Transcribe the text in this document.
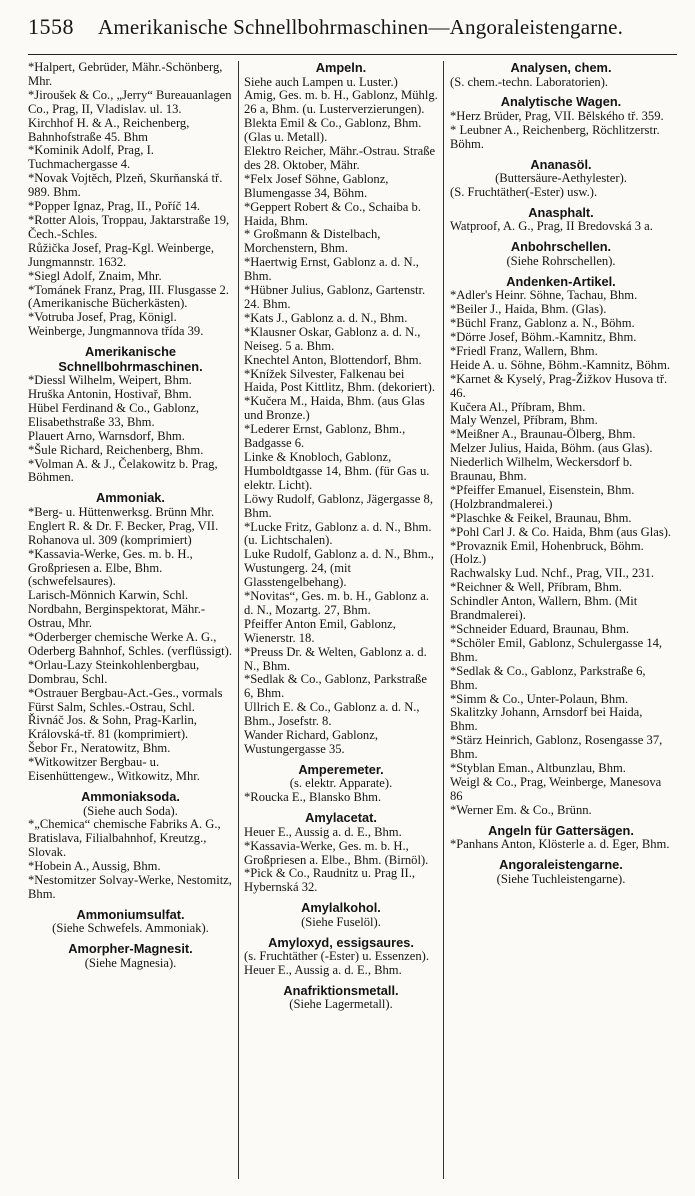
1558 Amerikanische Schnellbohrmaschinen—Angoraleistengarne.

*Halpert, Gebrüder, Mähr.-Schönberg, Mhr.

*Jiroušek & Co., „Jerry“ Bureauanlagen Co., Prag, II, Vladislav. ul. 13.

Kirchhof H. & A., Reichenberg, Bahnhofstraße 45. Bhm

*Kominik Adolf, Prag, I. Tuchmachergasse 4.

*Novak Vojtěch, Plzeň, Skurňanská tř. 989. Bhm.

*Popper Ignaz, Prag, II., Poříč 14.

*Rotter Alois, Troppau, Jaktarstraße 19, Čech.-Schles.

Růžička Josef, Prag-Kgl. Weinberge, Jungmannstr. 1632.

*Siegl Adolf, Znaim, Mhr.

*Tománek Franz, Prag, III. Flusgasse 2. (Amerikanische Bücherkästen).

*Votruba Josef, Prag, Königl. Weinberge, Jungmannova třída 39.

Amerikanische Schnellbohrmaschinen.

*Diessl Wilhelm, Weipert, Bhm.

Hruška Antonin, Hostivař, Bhm.

Hübel Ferdinand & Co., Gablonz, Elisabethstraße 33, Bhm.

Plauert Arno, Warnsdorf, Bhm.

*Šule Richard, Reichenberg, Bhm.

*Volman A. & J., Čelakowitz b. Prag, Böhmen.

Ammoniak.

*Berg- u. Hüttenwerksg. Brünn Mhr.

Englert R. & Dr. F. Becker, Prag, VII. Rohanova ul. 309 (komprimiert)

*Kassavia-Werke, Ges. m. b. H., Großpriesen a. Elbe, Bhm. (schwefelsaures).

Larisch-Mönnich Karwin, Schl.

Nordbahn, Berginspektorat, Mähr.-Ostrau, Mhr.

*Oderberger chemische Werke A. G., Oderberg Bahnhof, Schles. (verflüssigt).

*Orlau-Lazy Steinkohlenbergbau, Dombrau, Schl.

*Ostrauer Bergbau-Act.-Ges., vormals Fürst Salm, Schles.-Ostrau, Schl.

Řivnáč Jos. & Sohn, Prag-Karlin, Královská-tř. 81 (komprimiert).

Šebor Fr., Neratowitz, Bhm.

*Witkowitzer Bergbau- u. Eisenhüttengew., Witkowitz, Mhr.

Ammoniaksoda.

(Siehe auch Soda).

*„Chemica“ chemische Fabriks A. G., Bratislava, Filialbahnhof, Kreutzg., Slovak.

*Hobein A., Aussig, Bhm.

*Nestomitzer Solvay-Werke, Nestomitz, Bhm.

Ammoniumsulfat.

(Siehe Schwefels. Ammoniak).

Amorpher-Magnesit.

(Siehe Magnesia).

Ampeln.

Siehe auch Lampen u. Luster.)

Amig, Ges. m. b. H., Gablonz, Mühlg. 26 a, Bhm. (u. Lusterverzierungen).

Blekta Emil & Co., Gablonz, Bhm. (Glas u. Metall).

Elektro Reicher, Mähr.-Ostrau. Straße des 28. Oktober, Mähr.

*Felx Josef Söhne, Gablonz, Blumengasse 34, Böhm.

*Geppert Robert & Co., Schaiba b. Haida, Bhm.

* Großmann & Distelbach, Morchenstern, Bhm.

*Haertwig Ernst, Gablonz a. d. N., Bhm.

*Hübner Julius, Gablonz, Gartenstr. 24. Bhm.

*Kats J., Gablonz a. d. N., Bhm.

*Klausner Oskar, Gablonz a. d. N., Neiseg. 5 a. Bhm.

Knechtel Anton, Blottendorf, Bhm.

*Knížek Silvester, Falkenau bei Haida, Post Kittlitz, Bhm. (dekoriert).

*Kučera M., Haida, Bhm. (aus Glas und Bronze.)

*Lederer Ernst, Gablonz, Bhm., Badgasse 6.

Linke & Knobloch, Gablonz, Humboldtgasse 14, Bhm. (für Gas u. elektr. Licht).

Löwy Rudolf, Gablonz, Jägergasse 8, Bhm.

*Lucke Fritz, Gablonz a. d. N., Bhm. (u. Lichtschalen).

Luke Rudolf, Gablonz a. d. N., Bhm., Wustungerg. 24, (mit Glasstengelbehang).

*Novitas“, Ges. m. b. H., Gablonz a. d. N., Mozartg. 27, Bhm.

Pfeiffer Anton Emil, Gablonz, Wienerstr. 18.

*Preuss Dr. & Welten, Gablonz a. d. N., Bhm.

*Sedlak & Co., Gablonz, Parkstraße 6, Bhm.

Ullrich E. & Co., Gablonz a. d. N., Bhm., Josefstr. 8.

Wander Richard, Gablonz, Wustungergasse 35.

Amperemeter.

(s. elektr. Apparate).

*Roucka E., Blansko Bhm.

Amylacetat.

Heuer E., Aussig a. d. E., Bhm.

*Kassavia-Werke, Ges. m. b. H., Großpriesen a. Elbe., Bhm. (Birnöl).

*Pick & Co., Raudnitz u. Prag II., Hybernská 32.

Amylalkohol.

(Siehe Fuselöl).

Amyloxyd, essigsaures.

(s. Fruchtäther (-Ester) u. Essenzen).

Heuer E., Aussig a. d. E., Bhm.

Anafriktionsmetall.

(Siehe Lagermetall).

Analysen, chem.

(S. chem.-techn. Laboratorien).

Analytische Wagen.

*Herz Brüder, Prag, VII. Bělského tř. 359.

* Leubner A., Reichenberg, Röchlitzerstr. Böhm.

Ananasöl.

(Buttersäure-Aethylester).

(S. Fruchtäther(-Ester) usw.).

Anasphalt.

Watproof, A. G., Prag, II Bredovská 3 a.

Anbohrschellen.

(Siehe Rohrschellen).

Andenken-Artikel.

*Adler's Heinr. Söhne, Tachau, Bhm.

*Beiler J., Haida, Bhm. (Glas).

*Büchl Franz, Gablonz a. N., Böhm.

*Dörre Josef, Böhm.-Kamnitz, Bhm.

*Friedl Franz, Wallern, Bhm.

Heide A. u. Söhne, Böhm.-Kamnitz, Böhm.

*Karnet & Kyselý, Prag-Žižkov Husova tř. 46.

Kučera Al., Příbram, Bhm.

Maly Wenzel, Příbram, Bhm.

*Meißner A., Braunau-Ölberg, Bhm.

Melzer Julius, Haida, Böhm. (aus Glas).

Niederlich Wilhelm, Weckersdorf b. Braunau, Bhm.

*Pfeiffer Emanuel, Eisenstein, Bhm. (Holzbrandmalerei.)

*Plaschke & Feikel, Braunau, Bhm.

*Pohl Carl J. & Co. Haida, Bhm (aus Glas).

*Provaznik Emil, Hohenbruck, Böhm. (Holz.)

Rachwalsky Lud. Nchf., Prag, VII., 231.

*Reichner & Well, Příbram, Bhm.

Schindler Anton, Wallern, Bhm. (Mit Brandmalerei).

*Schneider Eduard, Braunau, Bhm.

*Schöler Emil, Gablonz, Schulergasse 14, Bhm.

*Sedlak & Co., Gablonz, Parkstraße 6, Bhm.

*Simm & Co., Unter-Polaun, Bhm.

Skalitzky Johann, Arnsdorf bei Haida, Bhm.

*Stärz Heinrich, Gablonz, Rosengasse 37, Bhm.

*Styblan Eman., Altbunzlau, Bhm.

Weigl & Co., Prag, Weinberge, Manesova 86

*Werner Em. & Co., Brünn.

Angeln für Gattersägen.

*Panhans Anton, Klösterle a. d. Eger, Bhm.

Angoraleistengarne.

(Siehe Tuchleistengarne).
